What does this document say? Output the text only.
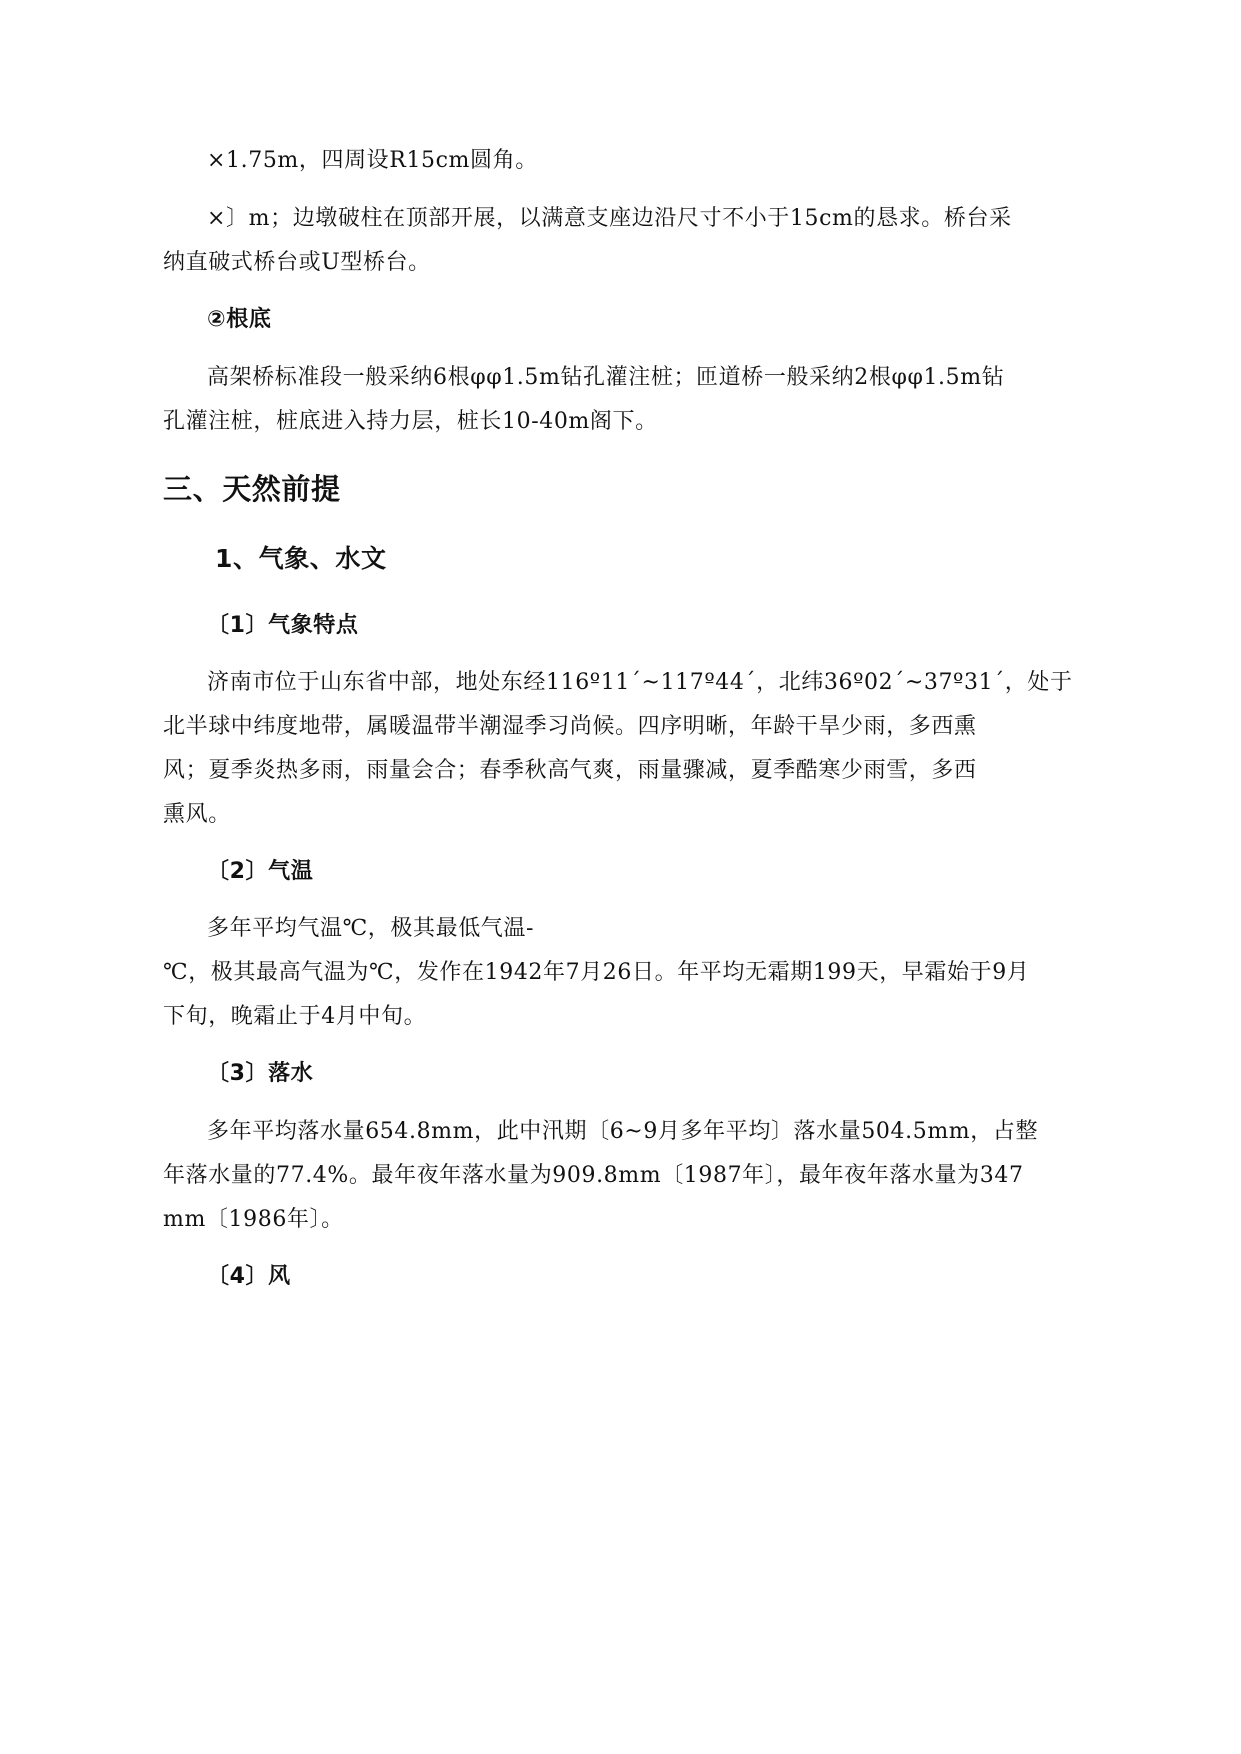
×1.75m，四周设R15cm圆角。
×〕m；边墩破柱在顶部开展，以满意支座边沿尺寸不小于15cm的恳求。桥台采
纳直破式桥台或U型桥台。
②根底
高架桥标准段一般采纳6根φφ1.5m钻孔灌注桩；匝道桥一般采纳2根φφ1.5m钻
孔灌注桩，桩底进入持力层，桩长10-40m阁下。
三、天然前提
1、气象、水文
〔1〕气象特点
济南市位于山东省中部，地处东经116º11´~117º44´，北纬36º02´~37º31´，处于
北半球中纬度地带，属暖温带半潮湿季习尚候。四序明晰，年龄干旱少雨，多西熏
风；夏季炎热多雨，雨量会合；春季秋高气爽，雨量骤减，夏季酷寒少雨雪，多西
熏风。
〔2〕气温
多年平均气温℃，极其最低气温-
℃，极其最高气温为℃，发作在1942年7月26日。年平均无霜期199天，早霜始于9月
下旬，晚霜止于4月中旬。
〔3〕落水
多年平均落水量654.8mm，此中汛期〔6~9月多年平均〕落水量504.5mm，占整
年落水量的77.4%。最年夜年落水量为909.8mm〔1987年〕，最年夜年落水量为347
mm〔1986年〕。
〔4〕风
